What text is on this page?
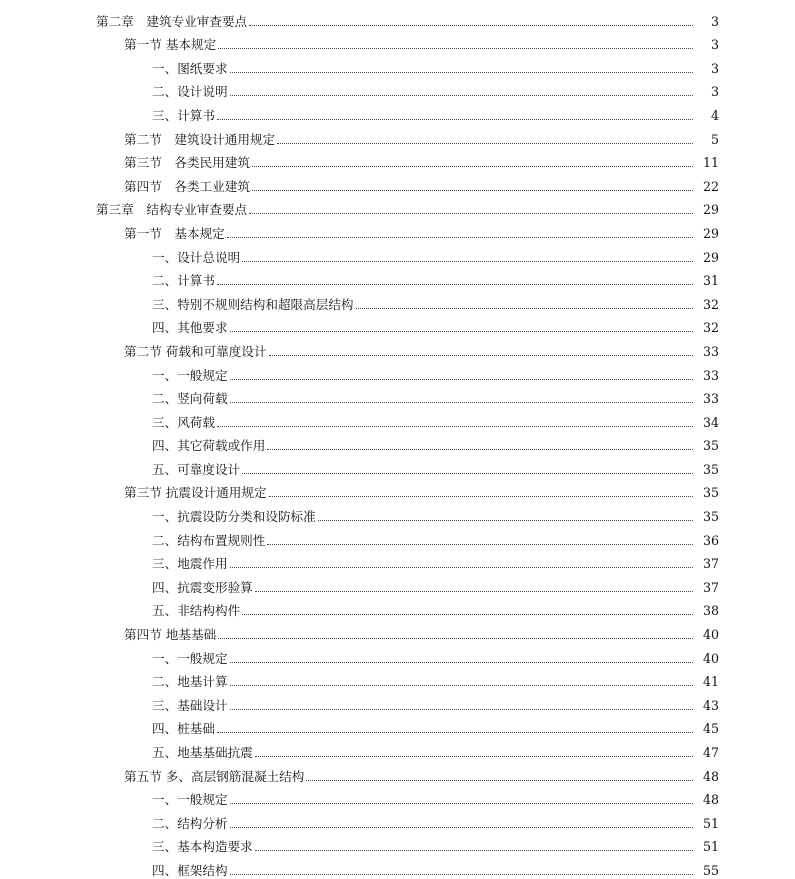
第二章　建筑专业审查要点	3
第一节 基本规定	3
一、图纸要求	3
二、设计说明	3
三、计算书	4
第二节　建筑设计通用规定	5
第三节　各类民用建筑	11
第四节　各类工业建筑	22
第三章　结构专业审查要点	29
第一节　基本规定	29
一、设计总说明	29
二、计算书	31
三、特别不规则结构和超限高层结构	32
四、其他要求	32
第二节 荷载和可靠度设计	33
一、一般规定	33
二、竖向荷载	33
三、风荷载	34
四、其它荷载或作用	35
五、可靠度设计	35
第三节 抗震设计通用规定	35
一、抗震设防分类和设防标准	35
二、结构布置规则性	36
三、地震作用	37
四、抗震变形验算	37
五、非结构构件	38
第四节 地基基础	40
一、一般规定	40
二、地基计算	41
三、基础设计	43
四、桩基础	45
五、地基基础抗震	47
第五节 多、高层钢筋混凝土结构	48
一、一般规定	48
二、结构分析	51
三、基本构造要求	51
四、框架结构	55
